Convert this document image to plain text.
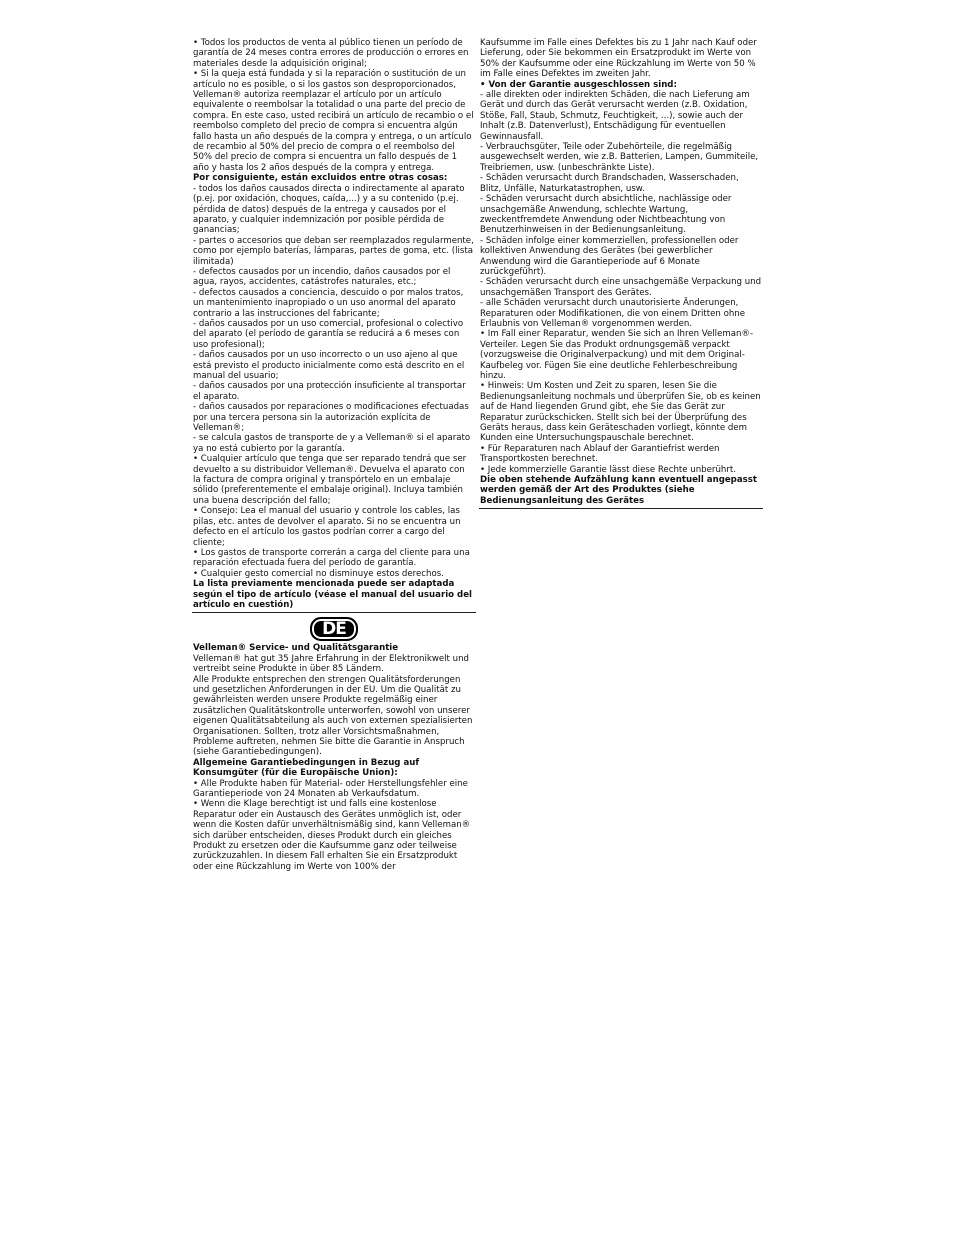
• Todos los productos de venta al público tienen un período de garantía de 24 meses contra errores de producción o errores en materiales desde la adquisición original;
• Si la queja está fundada y si la reparación o sustitución de un artículo no es posible, o si los gastos son desproporcionados, Velleman® autoriza reemplazar el artículo por un artículo equivalente o reembolsar la totalidad o una parte del precio de compra. En este caso, usted recibirá un artículo de recambio o el reembolso completo del precio de compra si encuentra algún fallo hasta un año después de la compra y entrega, o un artículo de recambio al 50% del precio de compra o el reembolso del 50% del precio de compra si encuentra un fallo después de 1 año y hasta los 2 años después de la compra y entrega.

Por consiguiente, están excluidos entre otras cosas:

- todos los daños causados directa o indirectamente al aparato (p.ej. por oxidación, choques, caída,...) y a su contenido (p.ej. pérdida de datos) después de la entrega y causados por el aparato, y cualquier indemnización por posible pérdida de ganancias;
- partes o accesorios que deban ser reemplazados regularmente, como por ejemplo baterías, lámparas, partes de goma, etc. (lista ilimitada)
- defectos causados por un incendio, daños causados por el agua, rayos, accidentes, catástrofes naturales, etc.;
- defectos causados a conciencia, descuido o por malos tratos, un mantenimiento inapropiado o un uso anormal del aparato contrario a las instrucciones del fabricante;
- daños causados por un uso comercial, profesional o colectivo del aparato (el período de garantía se reducirá a 6 meses con uso profesional);
- daños causados por un uso incorrecto o un uso ajeno al que está previsto el producto inicialmente como está descrito en el manual del usuario;
- daños causados por una protección insuficiente al transportar el aparato.
- daños causados por reparaciones o modificaciones efectuadas por una tercera persona sin la autorización explícita de Velleman®;
- se calcula gastos de transporte de y a Velleman® si el aparato ya no está cubierto por la garantía.
• Cualquier artículo que tenga que ser reparado tendrá que ser devuelto a su distribuidor Velleman®. Devuelva el aparato con la factura de compra original y transpórtelo en un embalaje sólido (preferentemente el embalaje original). Incluya también una buena descripción del fallo;
• Consejo: Lea el manual del usuario y controle los cables, las pilas, etc. antes de devolver el aparato. Si no se encuentra un defecto en el artículo los gastos podrían correr a cargo del cliente;
• Los gastos de transporte correrán a carga del cliente para una reparación efectuada fuera del período de garantía.
• Cualquier gesto comercial no disminuye estos derechos.

La lista previamente mencionada puede ser adaptada según el tipo de artículo (véase el manual del usuario del artículo en cuestión)

DE

Velleman® Service- und Qualitätsgarantie

Velleman® hat gut 35 Jahre Erfahrung in der Elektronikwelt und vertreibt seine Produkte in über 85 Ländern.
Alle Produkte entsprechen den strengen Qualitätsforderungen und gesetzlichen Anforderungen in der EU. Um die Qualität zu gewährleisten werden unsere Produkte regelmäßig einer zusätzlichen Qualitätskontrolle unterworfen, sowohl von unserer eigenen Qualitätsabteilung als auch von externen spezialisierten Organisationen. Sollten, trotz aller Vorsichtsmaßnahmen, Probleme auftreten, nehmen Sie bitte die Garantie in Anspruch (siehe Garantiebedingungen).

Allgemeine Garantiebedingungen in Bezug auf Konsumgüter (für die Europäische Union):

• Alle Produkte haben für Material- oder Herstellungsfehler eine Garantieperiode von 24 Monaten ab Verkaufsdatum.
• Wenn die Klage berechtigt ist und falls eine kostenlose Reparatur oder ein Austausch des Gerätes unmöglich ist, oder wenn die Kosten dafür unverhältnismäßig sind, kann Velleman® sich darüber entscheiden, dieses Produkt durch ein gleiches Produkt zu ersetzen oder die Kaufsumme ganz oder teilweise zurückzuzahlen. In diesem Fall erhalten Sie ein Ersatzprodukt oder eine Rückzahlung im Werte von 100% der

Kaufsumme im Falle eines Defektes bis zu 1 Jahr nach Kauf oder Lieferung, oder Sie bekommen ein Ersatzprodukt im Werte von 50% der Kaufsumme oder eine Rückzahlung im Werte von 50 % im Falle eines Defektes im zweiten Jahr.

• Von der Garantie ausgeschlossen sind:

- alle direkten oder indirekten Schäden, die nach Lieferung am Gerät und durch das Gerät verursacht werden (z.B. Oxidation, Stöße, Fall, Staub, Schmutz, Feuchtigkeit, ...), sowie auch der Inhalt (z.B. Datenverlust), Entschädigung für eventuellen Gewinnausfall.
- Verbrauchsgüter, Teile oder Zubehörteile, die regelmäßig ausgewechselt werden, wie z.B. Batterien, Lampen, Gummiteile, Treibriemen, usw. (unbeschränkte Liste).
- Schäden verursacht durch Brandschaden, Wasserschaden, Blitz, Unfälle, Naturkatastrophen, usw.
- Schäden verursacht durch absichtliche, nachlässige oder unsachgemäße Anwendung, schlechte Wartung, zweckentfremdete Anwendung oder Nichtbeachtung von Benutzerhinweisen in der Bedienungsanleitung.
- Schäden infolge einer kommerziellen, professionellen oder kollektiven Anwendung des Gerätes (bei gewerblicher Anwendung wird die Garantieperiode auf 6 Monate zurückgeführt).
- Schäden verursacht durch eine unsachgemäße Verpackung und unsachgemäßen Transport des Gerätes.
- alle Schäden verursacht durch unautorisierte Änderungen, Reparaturen oder Modifikationen, die von einem Dritten ohne Erlaubnis von Velleman® vorgenommen werden.
• Im Fall einer Reparatur, wenden Sie sich an Ihren Velleman®-Verteiler. Legen Sie das Produkt ordnungsgemäß verpackt (vorzugsweise die Originalverpackung) und mit dem Original-Kaufbeleg vor. Fügen Sie eine deutliche Fehlerbeschreibung hinzu.
• Hinweis: Um Kosten und Zeit zu sparen, lesen Sie die Bedienungsanleitung nochmals und überprüfen Sie, ob es keinen auf de Hand liegenden Grund gibt, ehe Sie das Gerät zur Reparatur zurückschicken. Stellt sich bei der Überprüfung des Geräts heraus, dass kein Geräteschaden vorliegt, könnte dem Kunden eine Untersuchungspauschale berechnet.
• Für Reparaturen nach Ablauf der Garantiefrist werden Transportkosten berechnet.
• Jede kommerzielle Garantie lässt diese Rechte unberührt.

Die oben stehende Aufzählung kann eventuell angepasst werden gemäß der Art des Produktes (siehe Bedienungsanleitung des Gerätes
